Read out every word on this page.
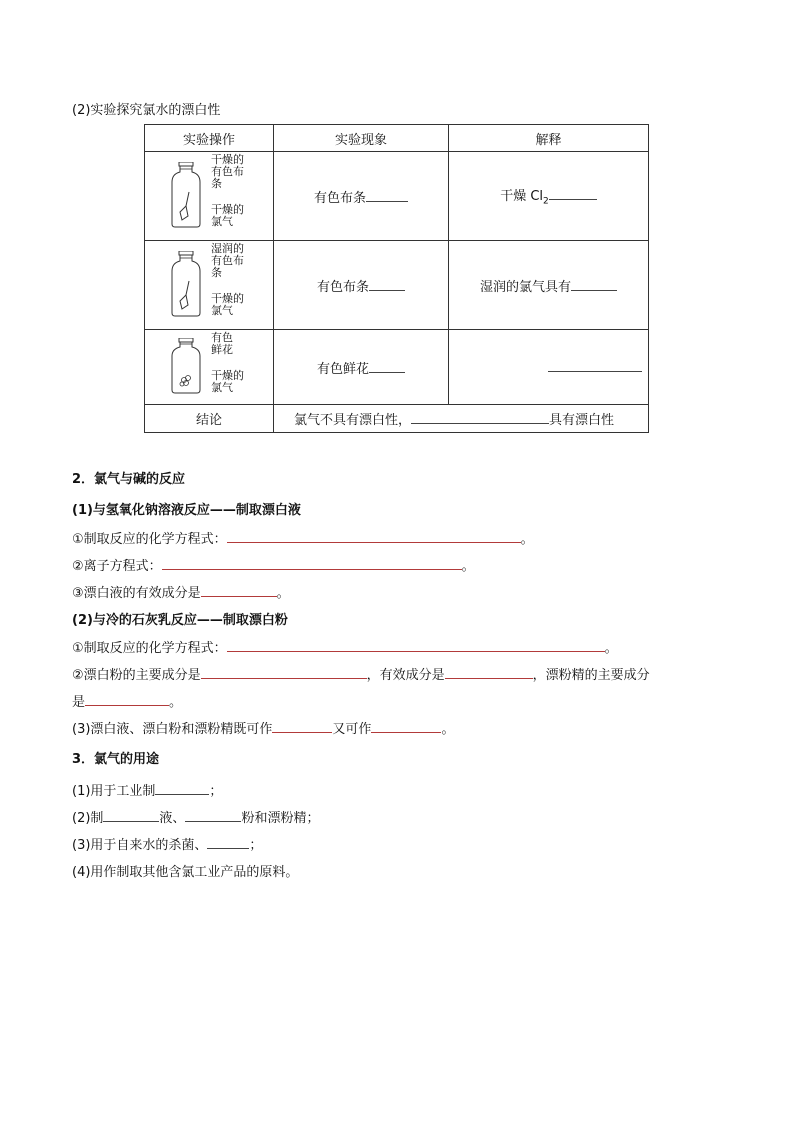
(2)实验探究氯水的漂白性
实验操作	实验现象	解释

干燥的
有色布
条
干燥的
氯气	有色布条	干燥 $Cl_2$

湿润的
有色布
条
干燥的
氯气	有色布条	湿润的氯气具有

有色
鲜花
干燥的
氯气	有色鲜花	
结论	氯气不具有漂白性， 具有漂白性	
2．氯气与碱的反应
(1)与氢氧化钠溶液反应——制取漂白液
①制取反应的化学方程式：	。
②离子方程式：	。
③漂白液的有效成分是	。
(2)与冷的石灰乳反应——制取漂白粉
①制取反应的化学方程式：	。
②漂白粉的主要成分是	，有效成分是	，漂粉精的主要成分
是	。
(3)漂白液、漂白粉和漂粉精既可作	又可作	。
3．氯气的用途
(1)用于工业制	；
(2)制	液、	粉和漂粉精；
(3)用于自来水的杀菌、	；
(4)用作制取其他含氯工业产品的原料。
